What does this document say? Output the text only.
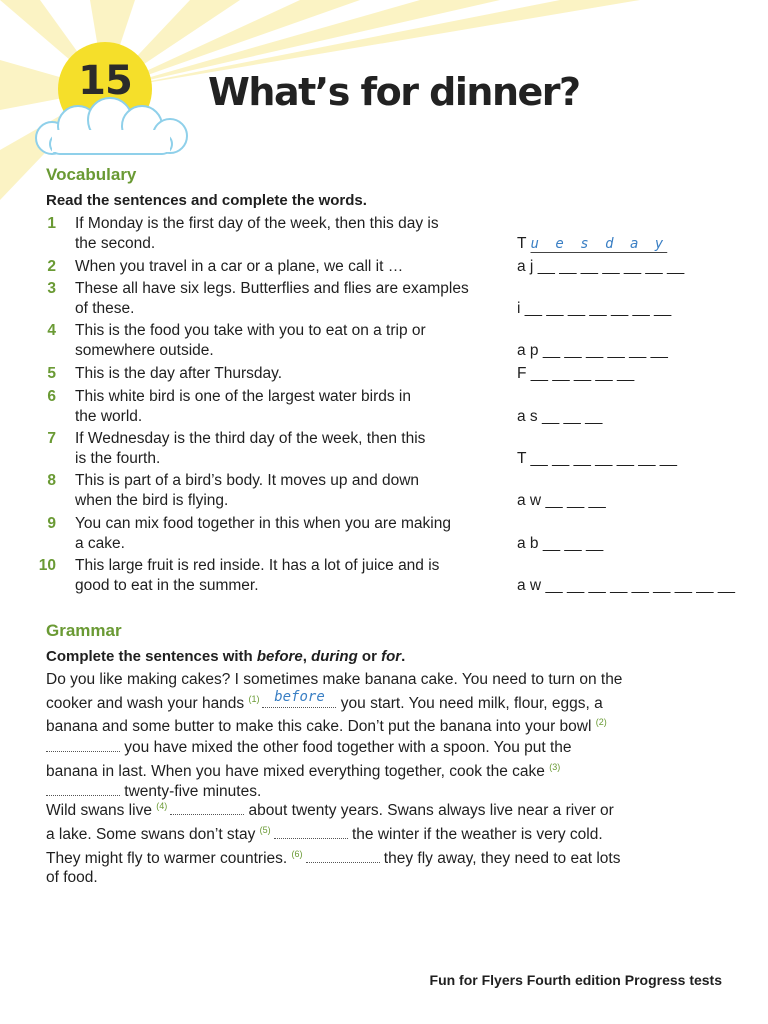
15	What’s for dinner?
Vocabulary
Read the sentences and complete the words.
1 If Monday is the first day of the week, then this day is
the second.	T u e s d a y
2 When you travel in a car or a plane, we call it …	a j __ __ __ __ __ __ __
3 These all have six legs. Butterflies and flies are examples
of these.	i __ __ __ __ __ __ __
4 This is the food you take with you to eat on a trip or
somewhere outside.	a p __ __ __ __ __ __
5 This is the day after Thursday.	F __ __ __ __ __
6 This white bird is one of the largest water birds in
the world.	a s __ __ __
7 If Wednesday is the third day of the week, then this
is the fourth.	T __ __ __ __ __ __ __
8 This is part of a bird’s body. It moves up and down
when the bird is flying.	a w __ __ __
9 You can mix food together in this when you are making
a cake.	a b __ __ __
10 This large fruit is red inside. It has a lot of juice and is
good to eat in the summer.	a w __ __ __ __ __ __ __ __ __
Grammar
Complete the sentences with before, during or for.
Do you like making cakes? I sometimes make banana cake. You need to turn on the cooker and wash your hands $^{(1)}$	before you start. You need milk, flour, eggs, a banana and some butter to make this cake. Don’t put the banana into your bowl $^{(2)}$ you have mixed the other food together with a spoon. You put the banana in last. When you have mixed everything together, cook the cake $^{(3)}$ twenty-five minutes.
Wild swans live $^{(4)}$	about twenty years. Swans always live near a river or a lake. Some swans don’t stay $^{(5)}$	the winter if the weather is very cold. They might fly to warmer countries. $^{(6)}$	they fly away, they need to eat lots of food.
Fun for Flyers Fourth edition Progress tests
